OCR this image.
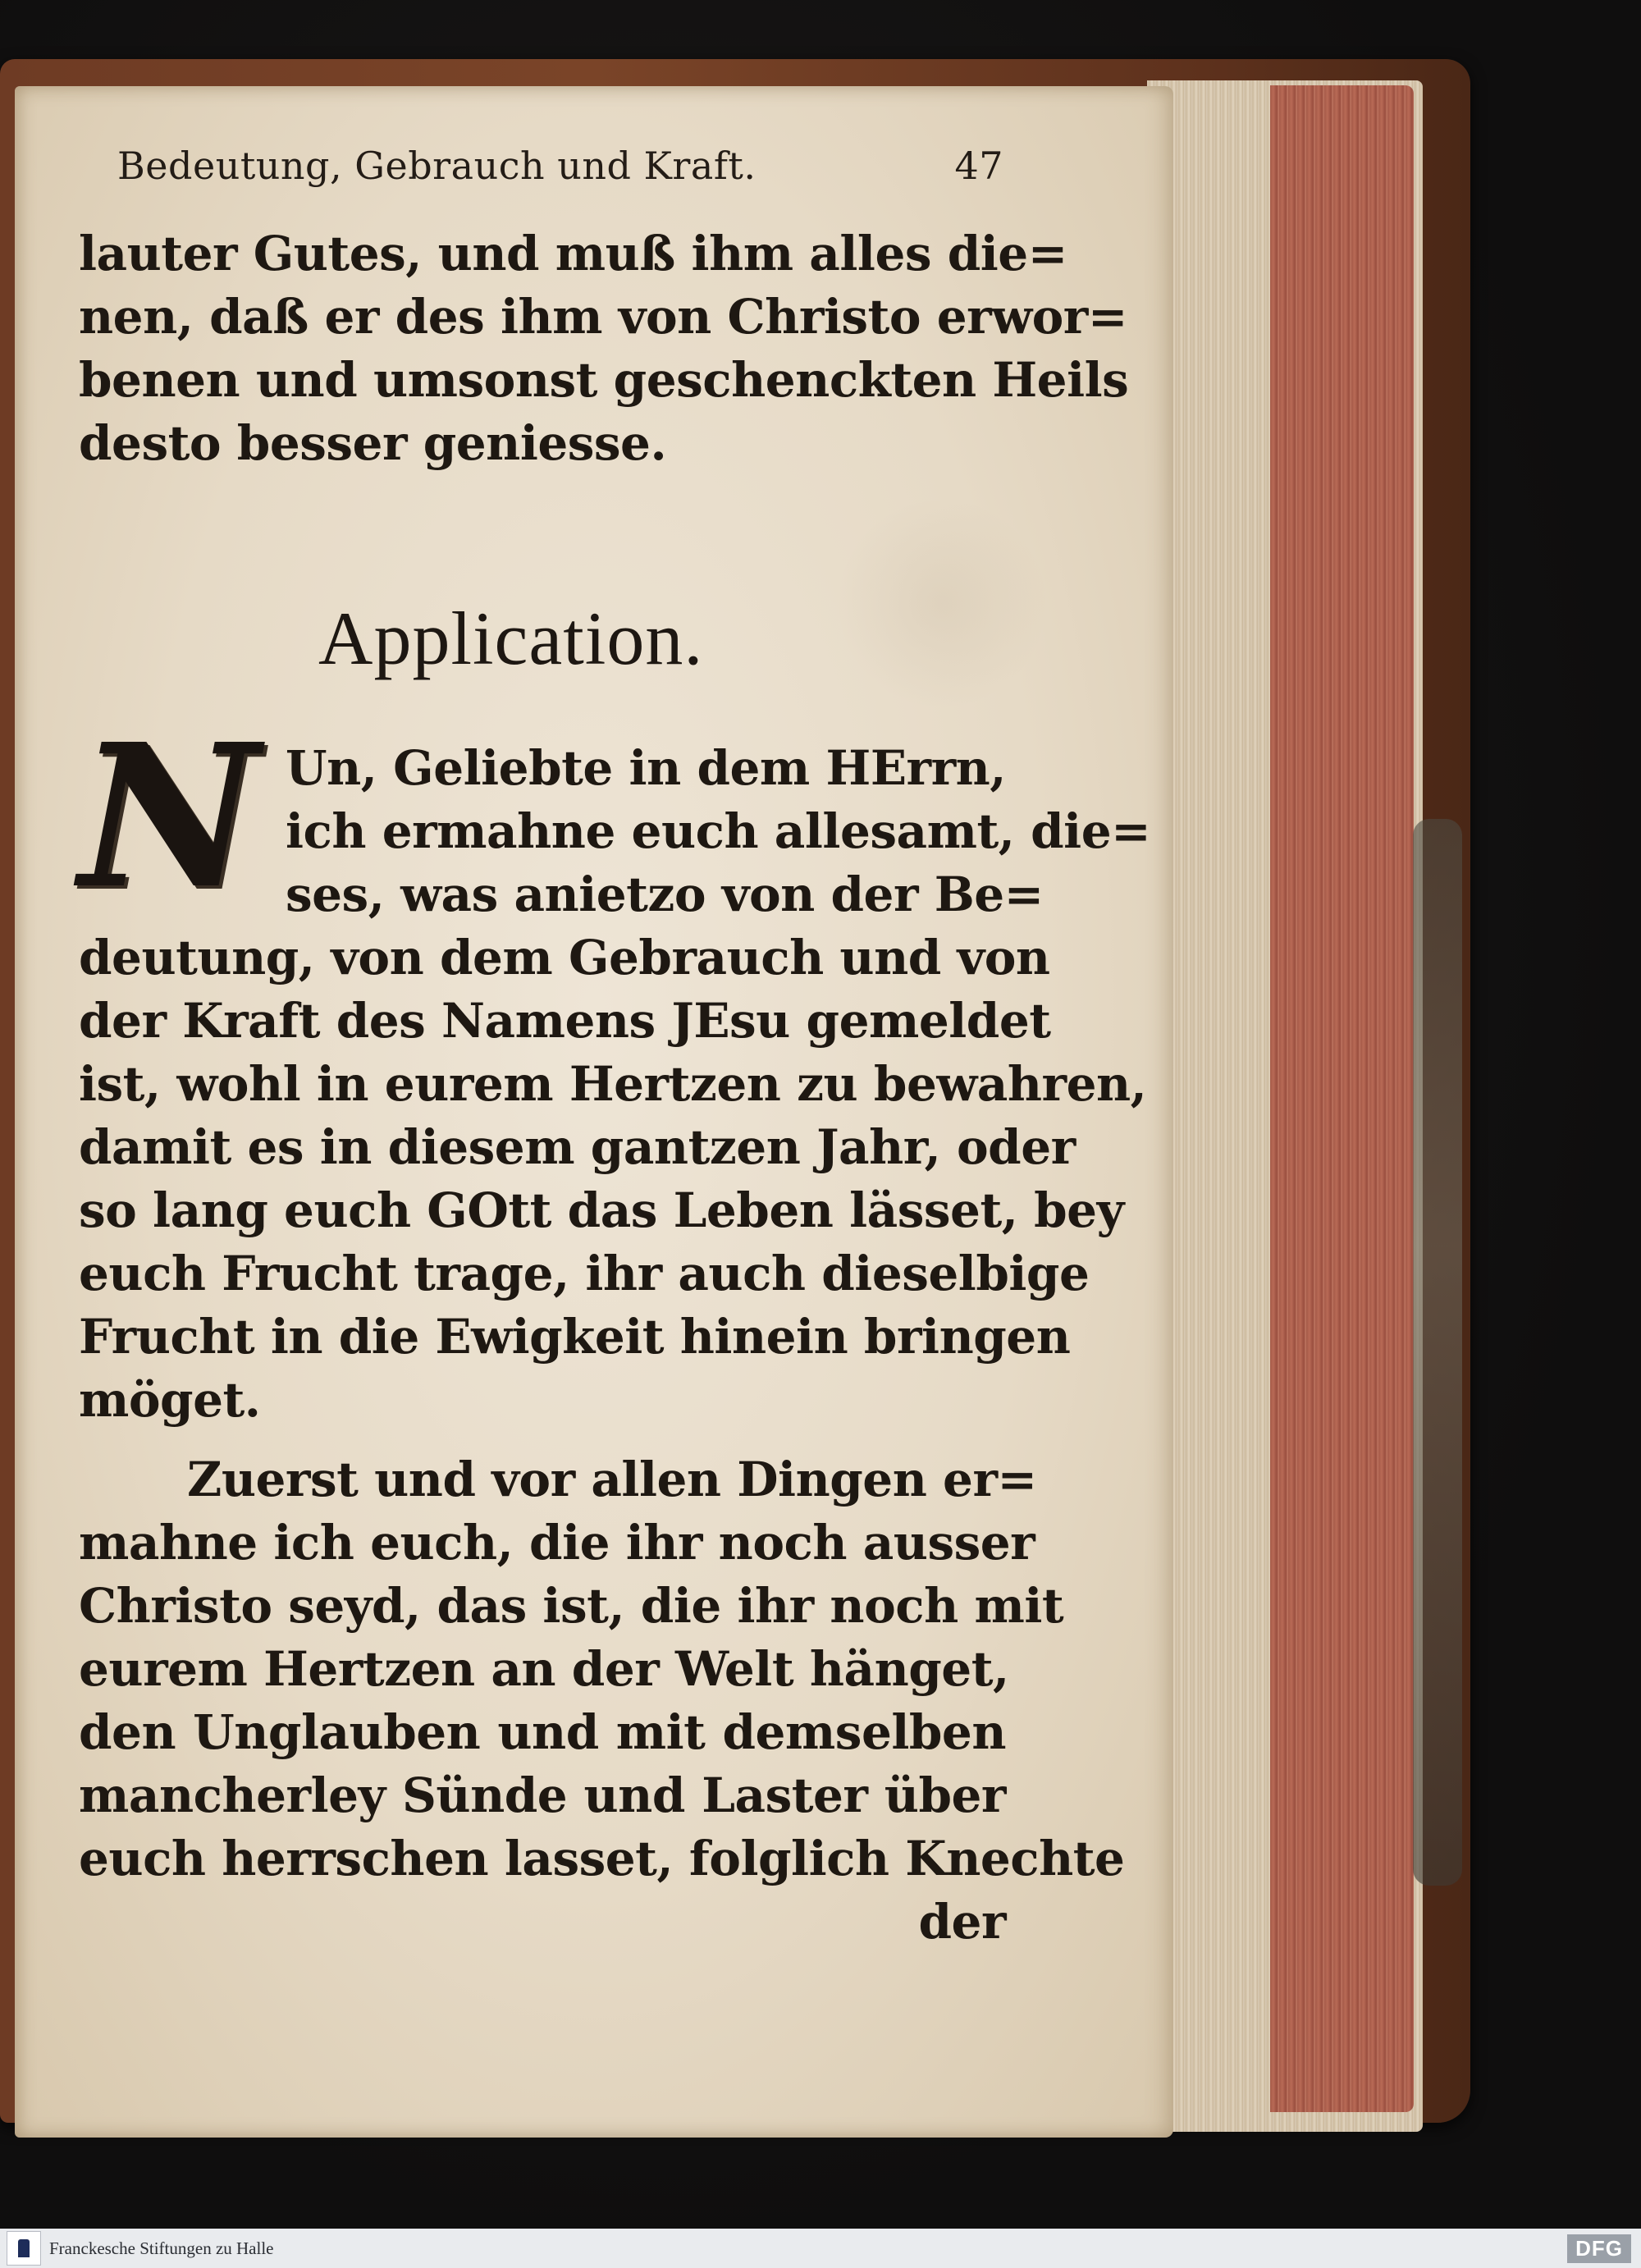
Bedeutung, Gebrauch und Kraft.	47
lauter Gutes, und muß ihm alles die=
nen, daß er des ihm von Christo erwor=
benen und umsonst geschenckten Heils
desto besser geniesse.
Application.
N Un, Geliebte in dem HErrn,
ich ermahne euch allesamt, die=
ses, was anietzo von der Be=
deutung, von dem Gebrauch und von
der Kraft des Namens JEsu gemeldet
ist, wohl in eurem Hertzen zu bewahren,
damit es in diesem gantzen Jahr, oder
so lang euch GOtt das Leben lässet, bey
euch Frucht trage, ihr auch dieselbige
Frucht in die Ewigkeit hinein bringen
möget.
Zuerst und vor allen Dingen er=
mahne ich euch, die ihr noch ausser
Christo seyd, das ist, die ihr noch mit
eurem Hertzen an der Welt hänget,
den Unglauben und mit demselben
mancherley Sünde und Laster über
euch herrschen lasset, folglich Knechte
der
Franckesche Stiftungen zu Halle	DFG
